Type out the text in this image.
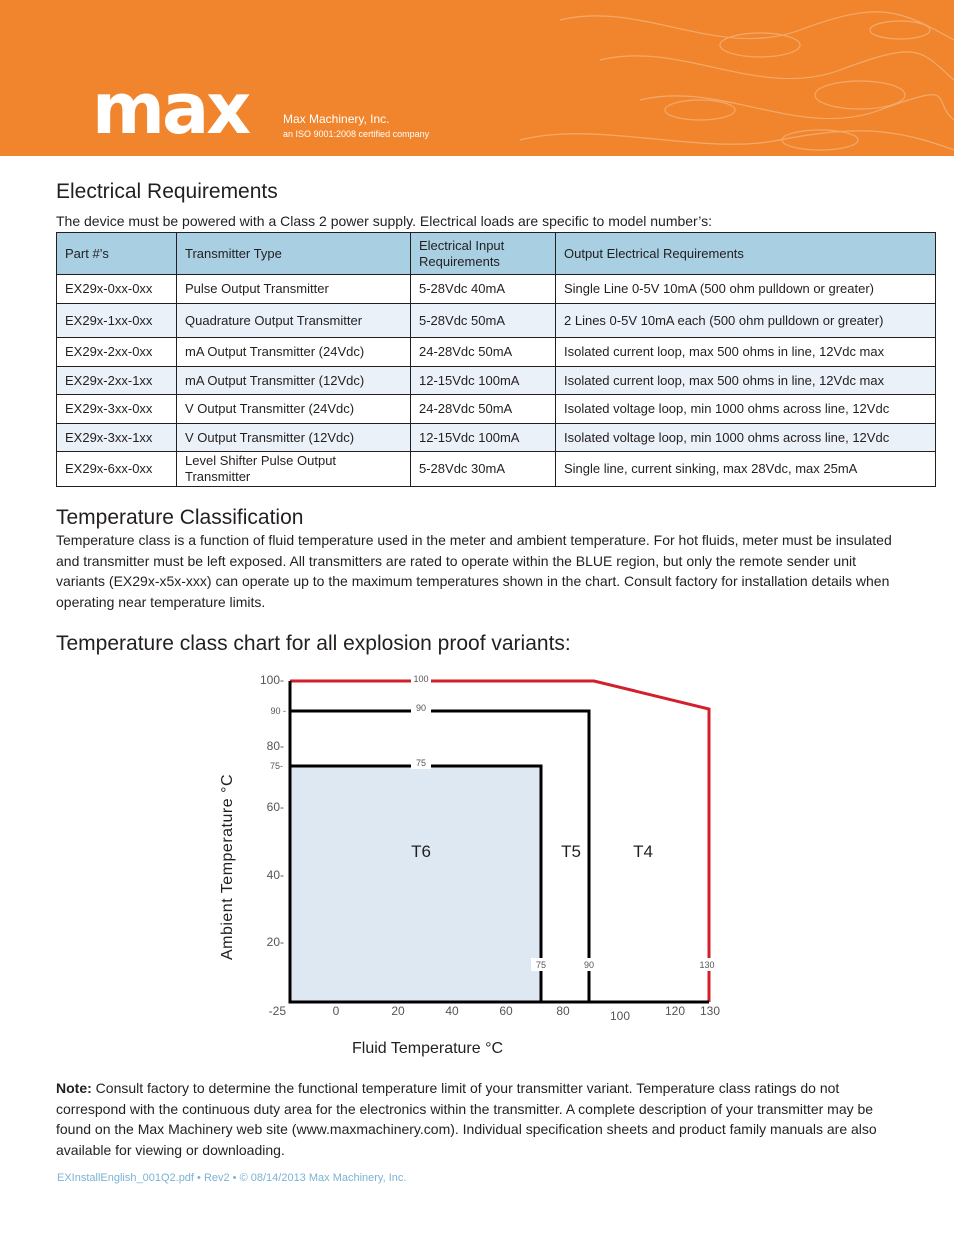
max	Max Machinery, Inc.
an ISO 9001:2008 certified company
Electrical Requirements

The device must be powered with a Class 2 power supply. Electrical loads are specific to model number’s:

Part #’s	Transmitter Type	Electrical Input Requirements	Output Electrical Requirements
EX29x-0xx-0xx	Pulse Output Transmitter	5-28Vdc 40mA	Single Line 0-5V 10mA (500 ohm pulldown or greater)
EX29x-1xx-0xx	Quadrature Output Transmitter	5-28Vdc 50mA	2 Lines 0-5V 10mA each (500 ohm pulldown or greater)
EX29x-2xx-0xx	mA Output Transmitter (24Vdc)	24-28Vdc 50mA	Isolated current loop, max 500 ohms in line, 12Vdc max
EX29x-2xx-1xx	mA Output Transmitter (12Vdc)	12-15Vdc 100mA	Isolated current loop, max 500 ohms in line, 12Vdc max
EX29x-3xx-0xx	V Output Transmitter (24Vdc)	24-28Vdc 50mA	Isolated voltage loop, min 1000 ohms across line, 12Vdc
EX29x-3xx-1xx	V Output Transmitter (12Vdc)	12-15Vdc 100mA	Isolated voltage loop, min 1000 ohms across line, 12Vdc
EX29x-6xx-0xx	Level Shifter Pulse Output Transmitter	5-28Vdc 30mA	Single line, current sinking, max 28Vdc, max 25mA
Temperature Classification

Temperature class is a function of fluid temperature used in the meter and ambient temperature. For hot fluids, meter must be insulated and transmitter must be left exposed. All transmitters are rated to operate within the BLUE region, but only the remote sender unit variants (EX29x-x5x-xxx) can operate up to the maximum temperatures shown in the chart. Consult factory for installation details when operating near temperature limits.

Temperature class chart for all explosion proof variants:
0	20	40	60	80	100	120 130
100-
80-
60-
40-
20-
-25
90 -
75-
100
90
75
75	90	130
T6	T5	T4
Ambient Temperature °C
Fluid Temperature °C

Note: Consult factory to determine the functional temperature limit of your transmitter variant. Temperature class ratings do not correspond with the continuous duty area for the electronics within the transmitter. A complete description of your transmitter may be found on the Max Machinery web site (www.maxmachinery.com). Individual specification sheets and product family manuals are also available for viewing or downloading.

EXInstallEnglish_001Q2.pdf • Rev2 • © 08/14/2013 Max Machinery, Inc.
